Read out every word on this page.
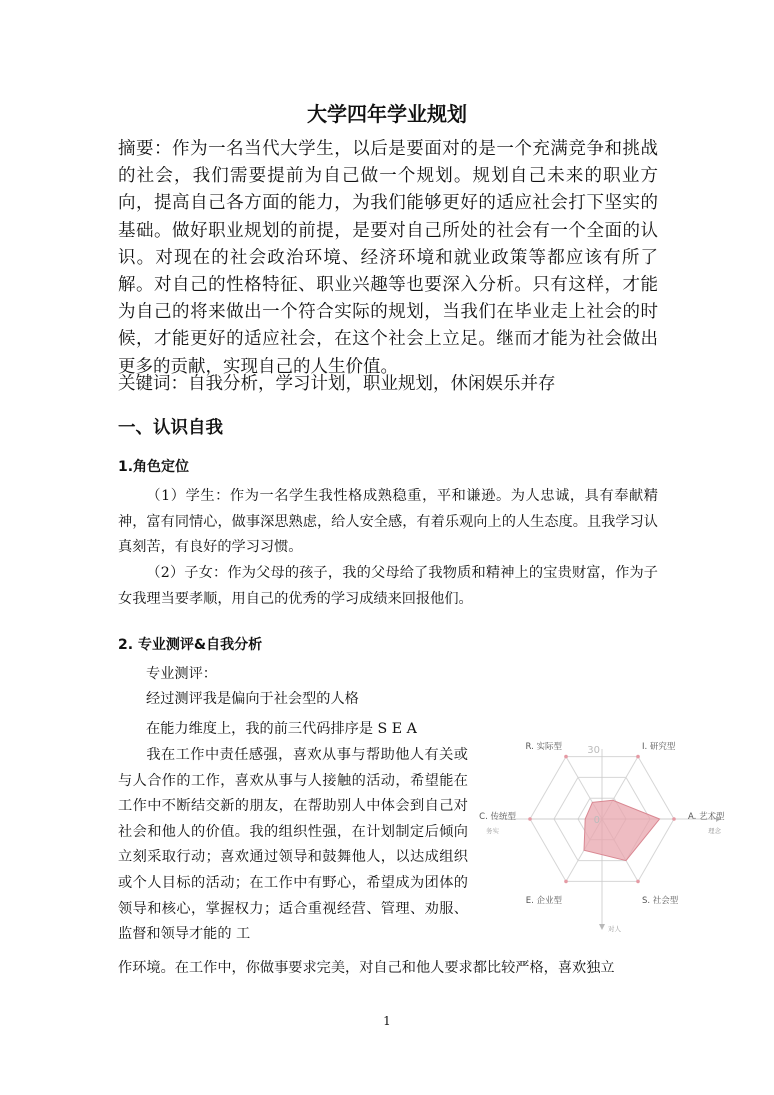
大学四年学业规划

摘要：作为一名当代大学生，以后是要面对的是一个充满竞争和挑战的社会，我们需要提前为自己做一个规划。规划自己未来的职业方向，提高自己各方面的能力，为我们能够更好的适应社会打下坚实的基础。做好职业规划的前提，是要对自己所处的社会有一个全面的认识。对现在的社会政治环境、经济环境和就业政策等都应该有所了解。对自己的性格特征、职业兴趣等也要深入分析。只有这样，才能为自己的将来做出一个符合实际的规划，当我们在毕业走上社会的时候，才能更好的适应社会，在这个社会上立足。继而才能为社会做出更多的贡献，实现自己的人生价值。

关键词：自我分析，学习计划，职业规划，休闲娱乐并存

一、认识自我
1.角色定位

（1）学生：作为一名学生我性格成熟稳重，平和谦逊。为人忠诚，具有奉献精神，富有同情心，做事深思熟虑，给人安全感，有着乐观向上的人生态度。且我学习认真刻苦，有良好的学习习惯。

（2）子女：作为父母的孩子，我的父母给了我物质和精神上的宝贵财富，作为子女我理当要孝顺，用自己的优秀的学习成绩来回报他们。

2. 专业测评&自我分析

专业测评：

经过测评我是偏向于社会型的人格

在能力维度上，我的前三代码排序是 S E A

我在工作中责任感强，喜欢从事与帮助他人有关或与人合作的工作，喜欢从事与人接触的活动，希望能在工作中不断结交新的朋友，在帮助别人中体会到自己对社会和他人的价值。我的组织性强，在计划制定后倾向立刻采取行动；喜欢通过领导和鼓舞他人，以达成组织或个人目标的活动；在工作中有野心，希望成为团体的领导和核心，掌握权力；适合重视经营、管理、劝服、监督和领导才能的 工

作环境。在工作中，你做事要求完美，对自己和他人要求都比较严格，喜欢独立

R. 实际型	I. 研究型
A. 艺术型
S. 社会型
E. 企业型
C. 传统型
30
0
务实	理念
对人

1
